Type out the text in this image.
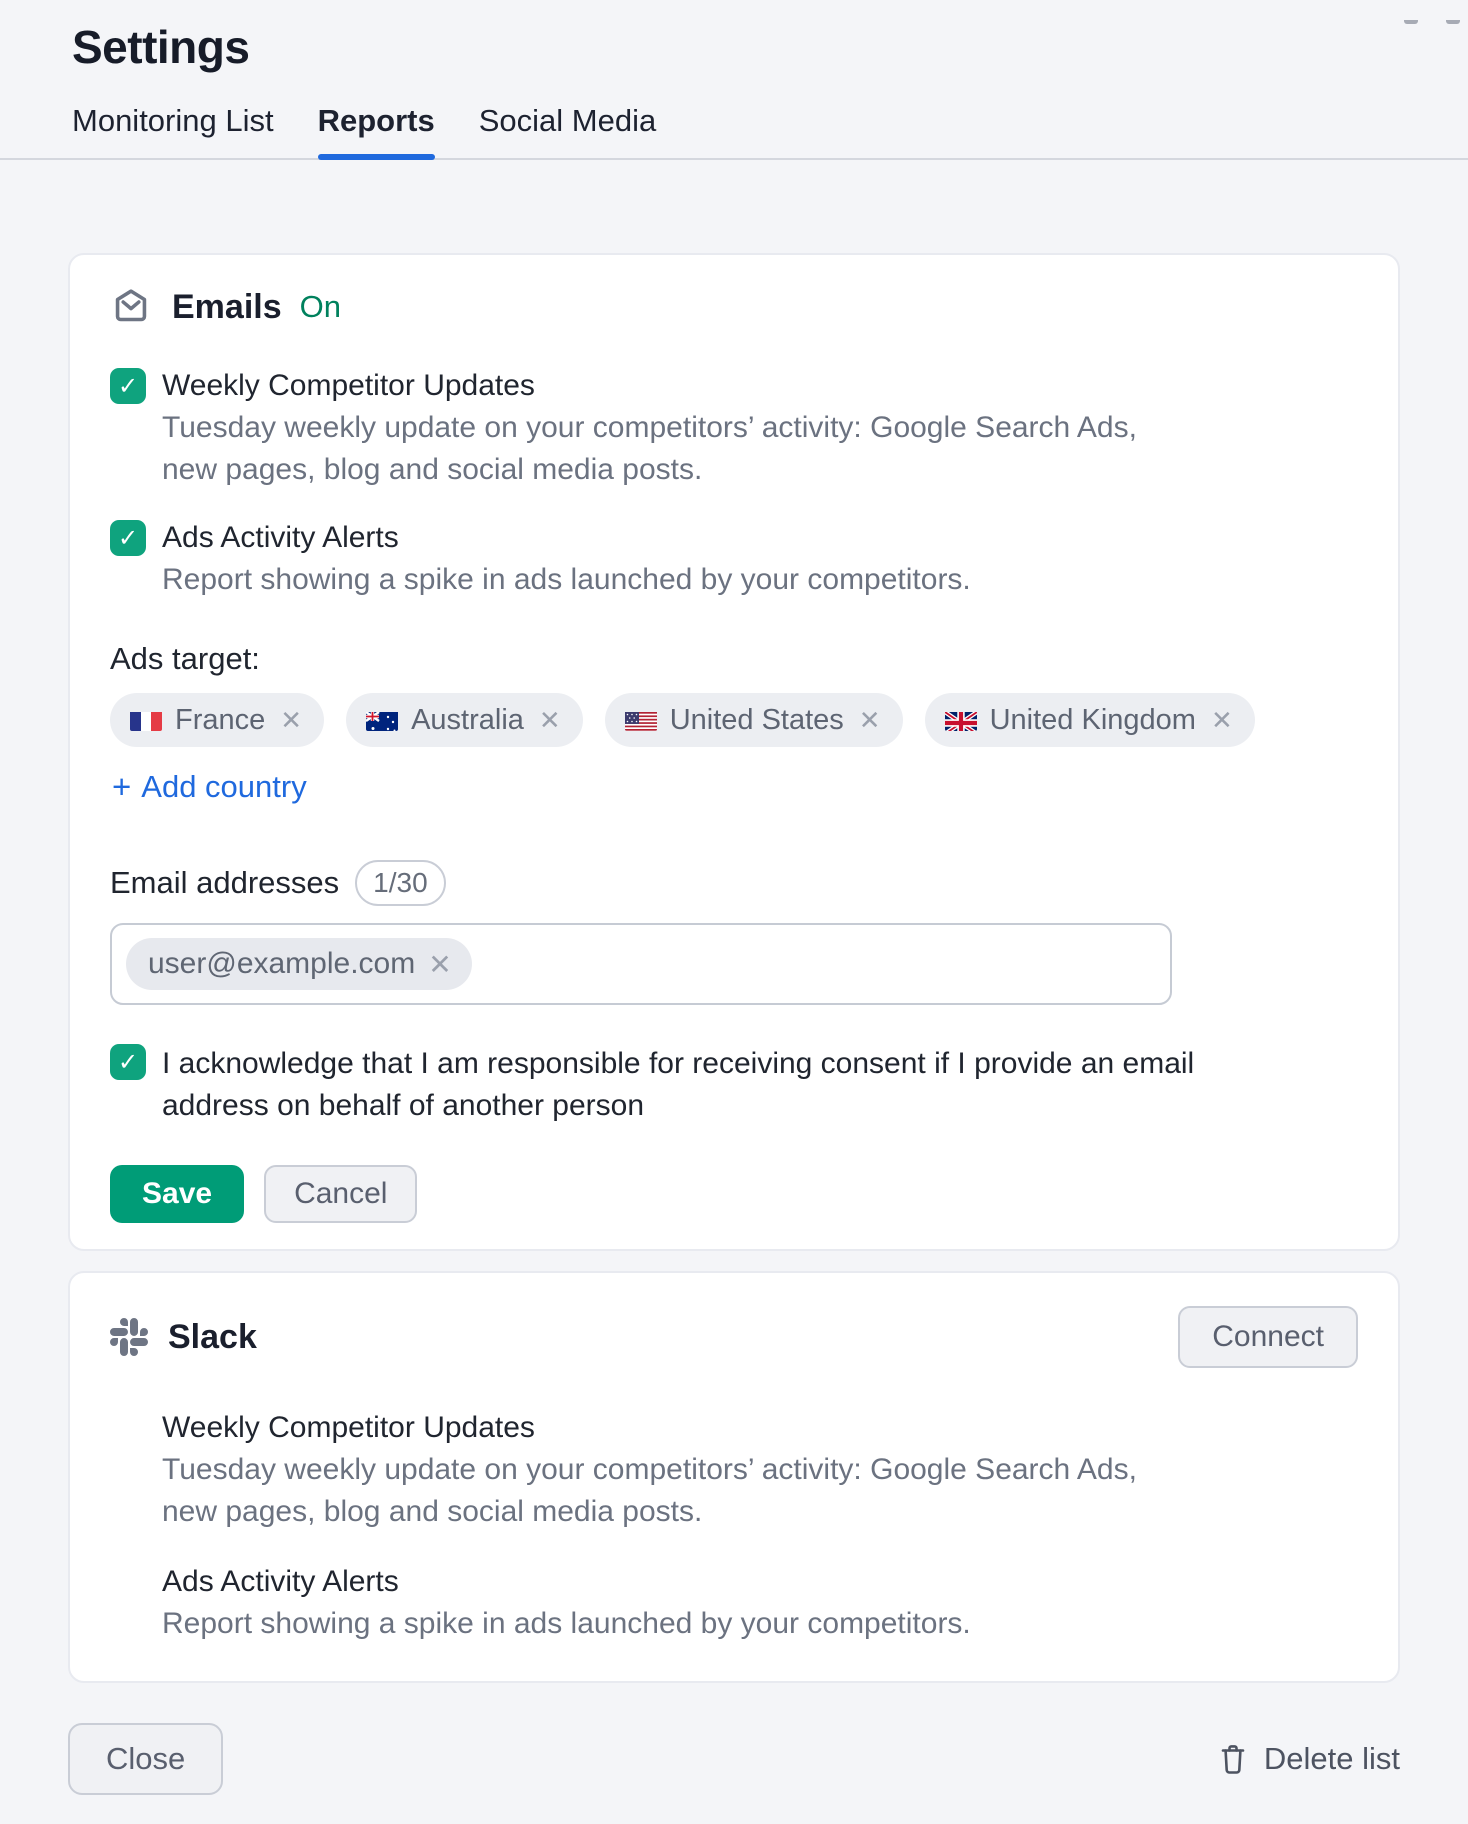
Settings
Monitoring List Reports Social Media
Emails On
✓ Weekly Competitor Updates
Tuesday weekly update on your competitors’ activity: Google Search Ads, new pages, blog and social media posts.
✓ Ads Activity Alerts
Report showing a spike in ads launched by your competitors.
Ads target:
France ✕	Australia ✕	United States ✕	United Kingdom ✕
+ Add country
Email addresses	1/30
user@example.com ✕
✓ I acknowledge that I am responsible for receiving consent if I provide an email address on behalf of another person
Save	Cancel
Slack	Connect
Weekly Competitor Updates
Tuesday weekly update on your competitors’ activity: Google Search Ads, new pages, blog and social media posts.
Ads Activity Alerts
Report showing a spike in ads launched by your competitors.
Close	Delete list
